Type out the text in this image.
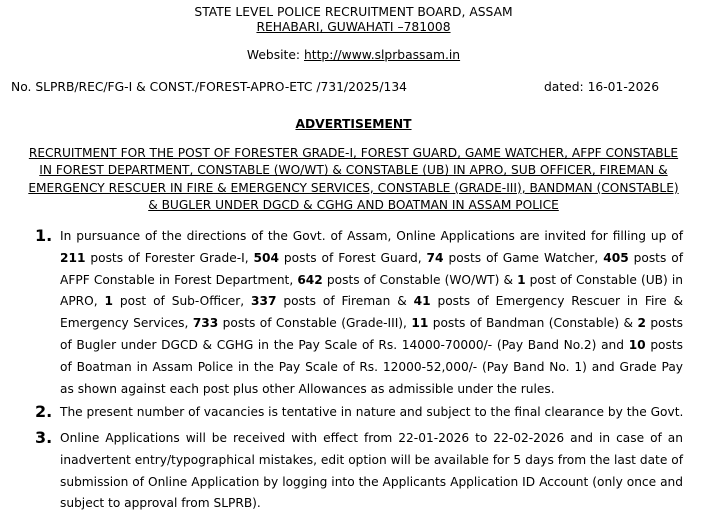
STATE LEVEL POLICE RECRUITMENT BOARD, ASSAM
REHABARI, GUWAHATI –781008
Website: http://www.slprbassam.in
No. SLPRB/REC/FG-I & CONST./FOREST-APRO-ETC /731/2025/134	dated: 16-01-2026
ADVERTISEMENT
RECRUITMENT FOR THE POST OF FORESTER GRADE-I, FOREST GUARD, GAME WATCHER, AFPF CONSTABLE
IN FOREST DEPARTMENT, CONSTABLE (WO/WT) & CONSTABLE (UB) IN APRO, SUB OFFICER, FIREMAN &
EMERGENCY RESCUER IN FIRE & EMERGENCY SERVICES, CONSTABLE (GRADE-III), BANDMAN (CONSTABLE)
& BUGLER UNDER DGCD & CGHG AND BOATMAN IN ASSAM POLICE
1. In pursuance of the directions of the Govt. of Assam, Online Applications are invited for filling up of
211 posts of Forester Grade-I, 504 posts of Forest Guard, 74 posts of Game Watcher, 405 posts of
AFPF Constable in Forest Department, 642 posts of Constable (WO/WT) & 1 post of Constable (UB) in
APRO, 1 post of Sub-Officer, 337 posts of Fireman & 41 posts of Emergency Rescuer in Fire &
Emergency Services, 733 posts of Constable (Grade-III), 11 posts of Bandman (Constable) & 2 posts
of Bugler under DGCD & CGHG in the Pay Scale of Rs. 14000-70000/- (Pay Band No.2) and 10 posts
of Boatman in Assam Police in the Pay Scale of Rs. 12000-52,000/- (Pay Band No. 1) and Grade Pay
as shown against each post plus other Allowances as admissible under the rules.
2. The present number of vacancies is tentative in nature and subject to the final clearance by the Govt.
3. Online Applications will be received with effect from 22-01-2026 to 22-02-2026 and in case of an
inadvertent entry/typographical mistakes, edit option will be available for 5 days from the last date of
submission of Online Application by logging into the Applicants Application ID Account (only once and
subject to approval from SLPRB).
